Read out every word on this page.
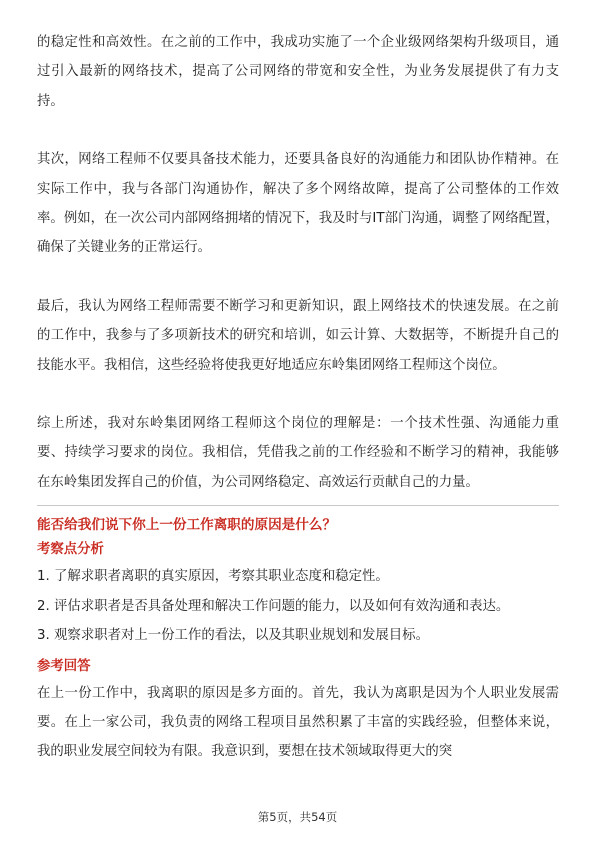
的稳定性和高效性。在之前的工作中，我成功实施了一个企业级网络架构升级项目，通过引入最新的网络技术，提高了公司网络的带宽和安全性，为业务发展提供了有力支持。

其次，网络工程师不仅要具备技术能力，还要具备良好的沟通能力和团队协作精神。在实际工作中，我与各部门沟通协作，解决了多个网络故障，提高了公司整体的工作效率。例如，在一次公司内部网络拥堵的情况下，我及时与IT部门沟通，调整了网络配置，确保了关键业务的正常运行。

最后，我认为网络工程师需要不断学习和更新知识，跟上网络技术的快速发展。在之前的工作中，我参与了多项新技术的研究和培训，如云计算、大数据等，不断提升自己的技能水平。我相信，这些经验将使我更好地适应东岭集团网络工程师这个岗位。

综上所述，我对东岭集团网络工程师这个岗位的理解是：一个技术性强、沟通能力重要、持续学习要求的岗位。我相信，凭借我之前的工作经验和不断学习的精神，我能够在东岭集团发挥自己的价值，为公司网络稳定、高效运行贡献自己的力量。

能否给我们说下你上一份工作离职的原因是什么？

考察点分析

1. 了解求职者离职的真实原因，考察其职业态度和稳定性。

2. 评估求职者是否具备处理和解决工作问题的能力，以及如何有效沟通和表达。

3. 观察求职者对上一份工作的看法，以及其职业规划和发展目标。

参考回答

在上一份工作中，我离职的原因是多方面的。首先，我认为离职是因为个人职业发展需要。在上一家公司，我负责的网络工程项目虽然积累了丰富的实践经验，但整体来说，我的职业发展空间较为有限。我意识到，要想在技术领域取得更大的突

第5页，共54页
